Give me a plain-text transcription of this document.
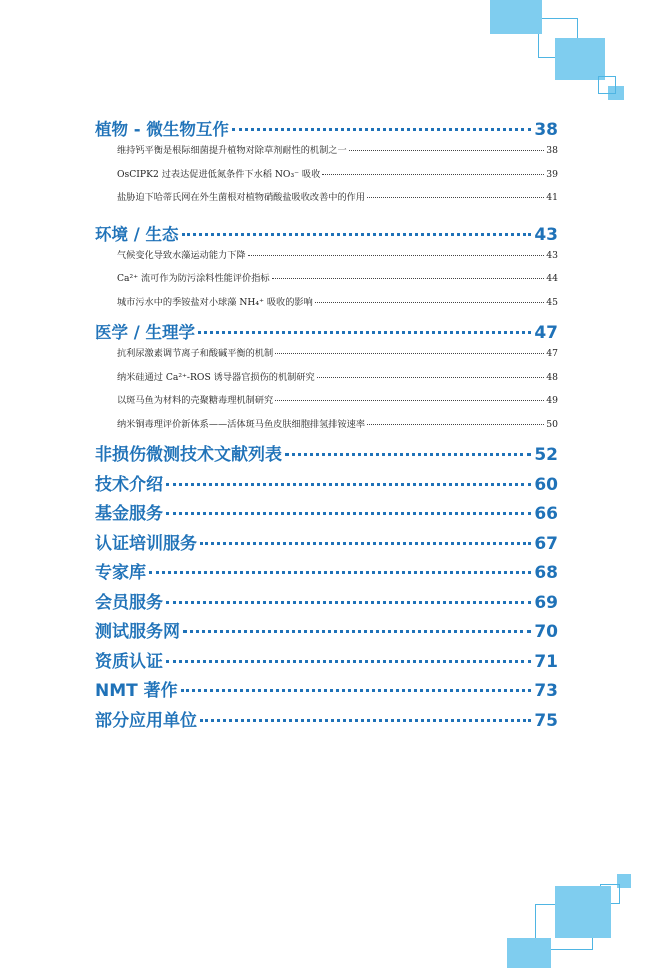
植物 - 微生物互作	38
维持钙平衡是根际细菌提升植物对除草剂耐性的机制之一	38
OsCIPK2 过表达促进低氮条件下水稻 NO₃⁻ 吸收	39
盐胁迫下哈蒂氏网在外生菌根对植物硝酸盐吸收改善中的作用	41
环境 / 生态	43
气候变化导致水藻运动能力下降	43
Ca²⁺ 流可作为防污涂料性能评价指标	44
城市污水中的季铵盐对小球藻 NH₄⁺ 吸收的影响	45
医学 / 生理学	47
抗利尿激素调节离子和酸碱平衡的机制	47
纳米硅通过 Ca²⁺-ROS 诱导器官损伤的机制研究	48
以斑马鱼为材料的壳聚糖毒理机制研究	49
纳米铜毒理评价新体系——活体斑马鱼皮肤细胞排氢排铵速率	50
非损伤微测技术文献列表	52
技术介绍	60
基金服务	66
认证培训服务	67
专家库	68
会员服务	69
测试服务网	70
资质认证	71
NMT 著作	73
部分应用单位	75
